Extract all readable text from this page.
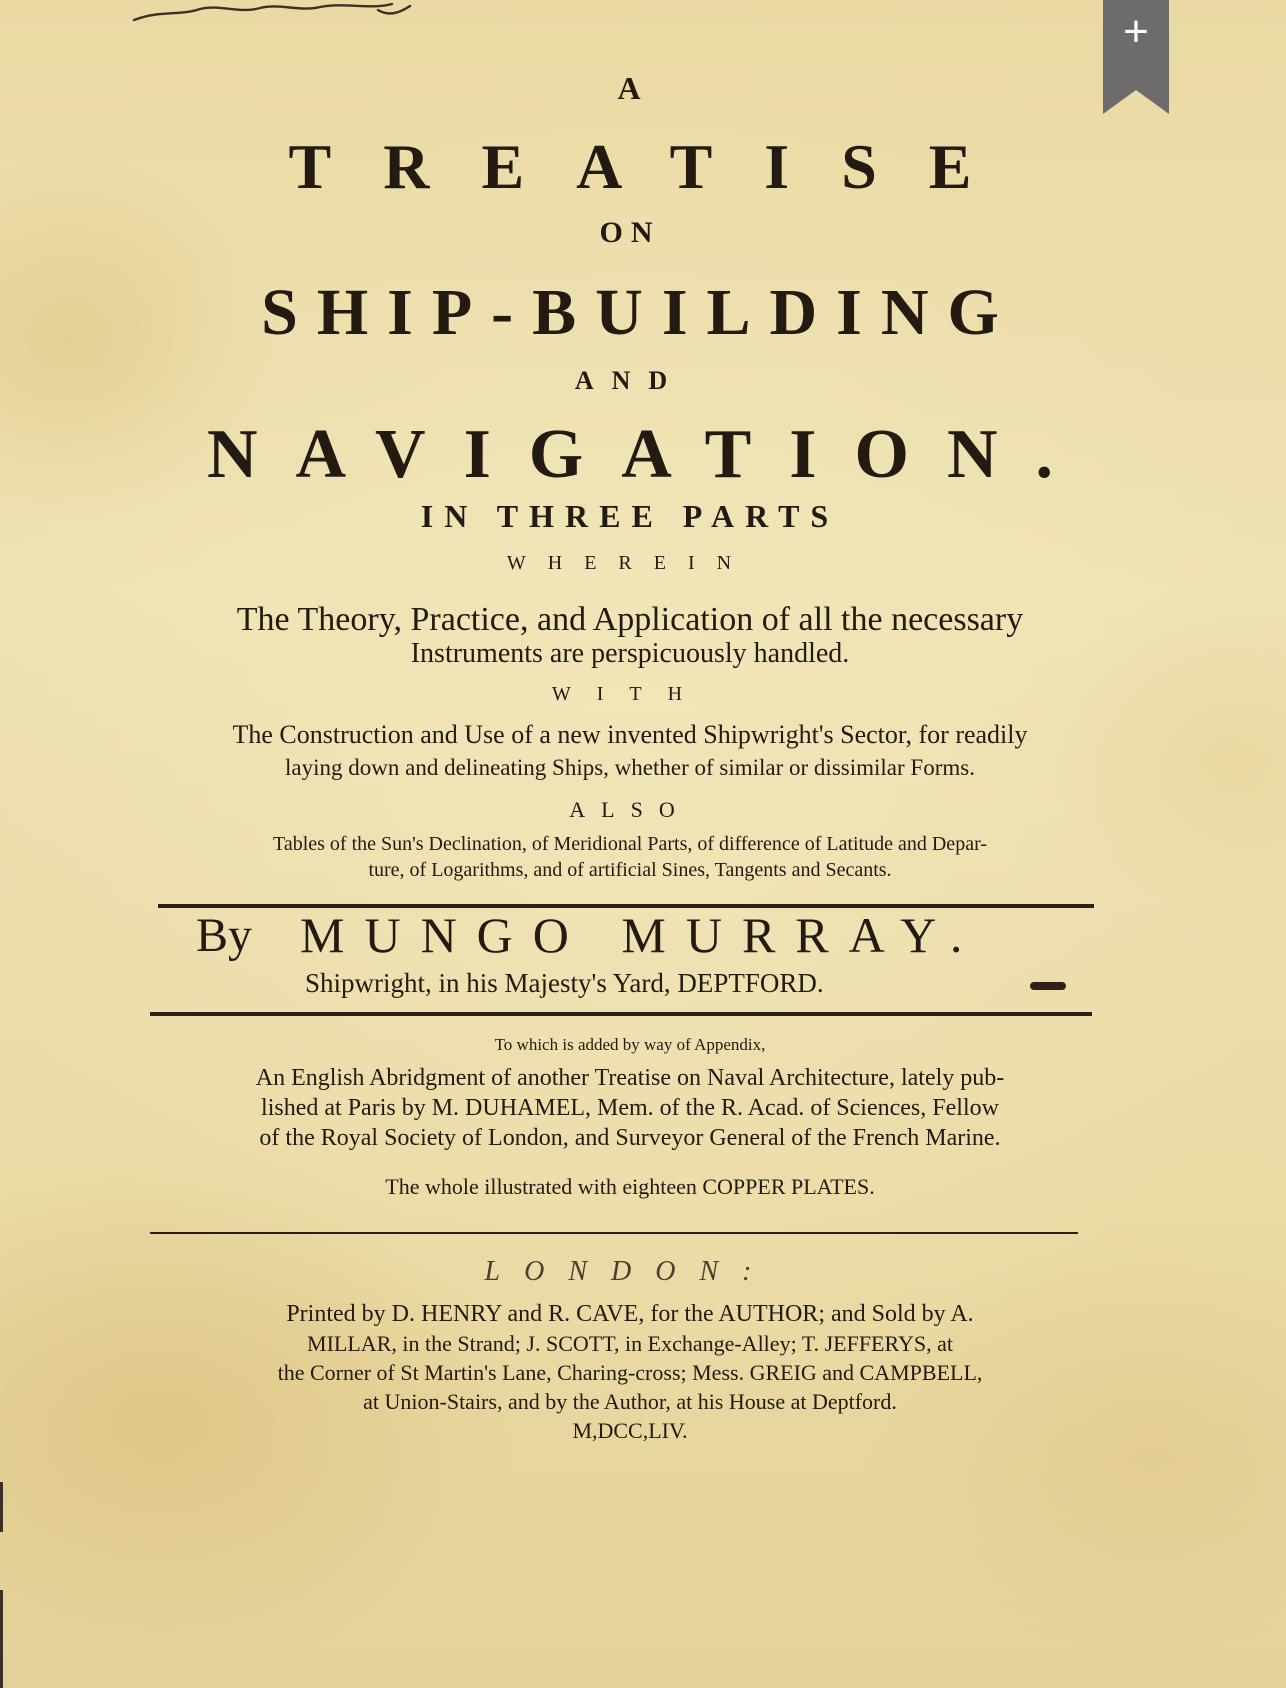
+
A
TREATISE
ON
SHIP-BUILDING
AND
NAVIGATION.
IN THREE PARTS
WHEREIN
The Theory, Practice, and Application of all the necessary
Instruments are perspicuously handled.
WITH
The Construction and Use of a new invented Shipwright's Sector, for readily
laying down and delineating Ships, whether of similar or dissimilar Forms.
ALSO
Tables of the Sun's Declination, of Meridional Parts, of difference of Latitude and Depar-
ture, of Logarithms, and of artificial Sines, Tangents and Secants.
By MUNGO MURRAY.
Shipwright, in his Majesty's Yard, DEPTFORD.
To which is added by way of Appendix,
An English Abridgment of another Treatise on Naval Architecture, lately pub-
lished at Paris by M. DUHAMEL, Mem. of the R. Acad. of Sciences, Fellow
of the Royal Society of London, and Surveyor General of the French Marine.
The whole illustrated with eighteen COPPER PLATES.
LONDON:
Printed by D. HENRY and R. CAVE, for the AUTHOR; and Sold by A.
MILLAR, in the Strand; J. SCOTT, in Exchange-Alley; T. JEFFERYS, at
the Corner of St Martin's Lane, Charing-cross; Mess. GREIG and CAMPBELL,
at Union-Stairs, and by the Author, at his House at Deptford.
M,DCC,LIV.
